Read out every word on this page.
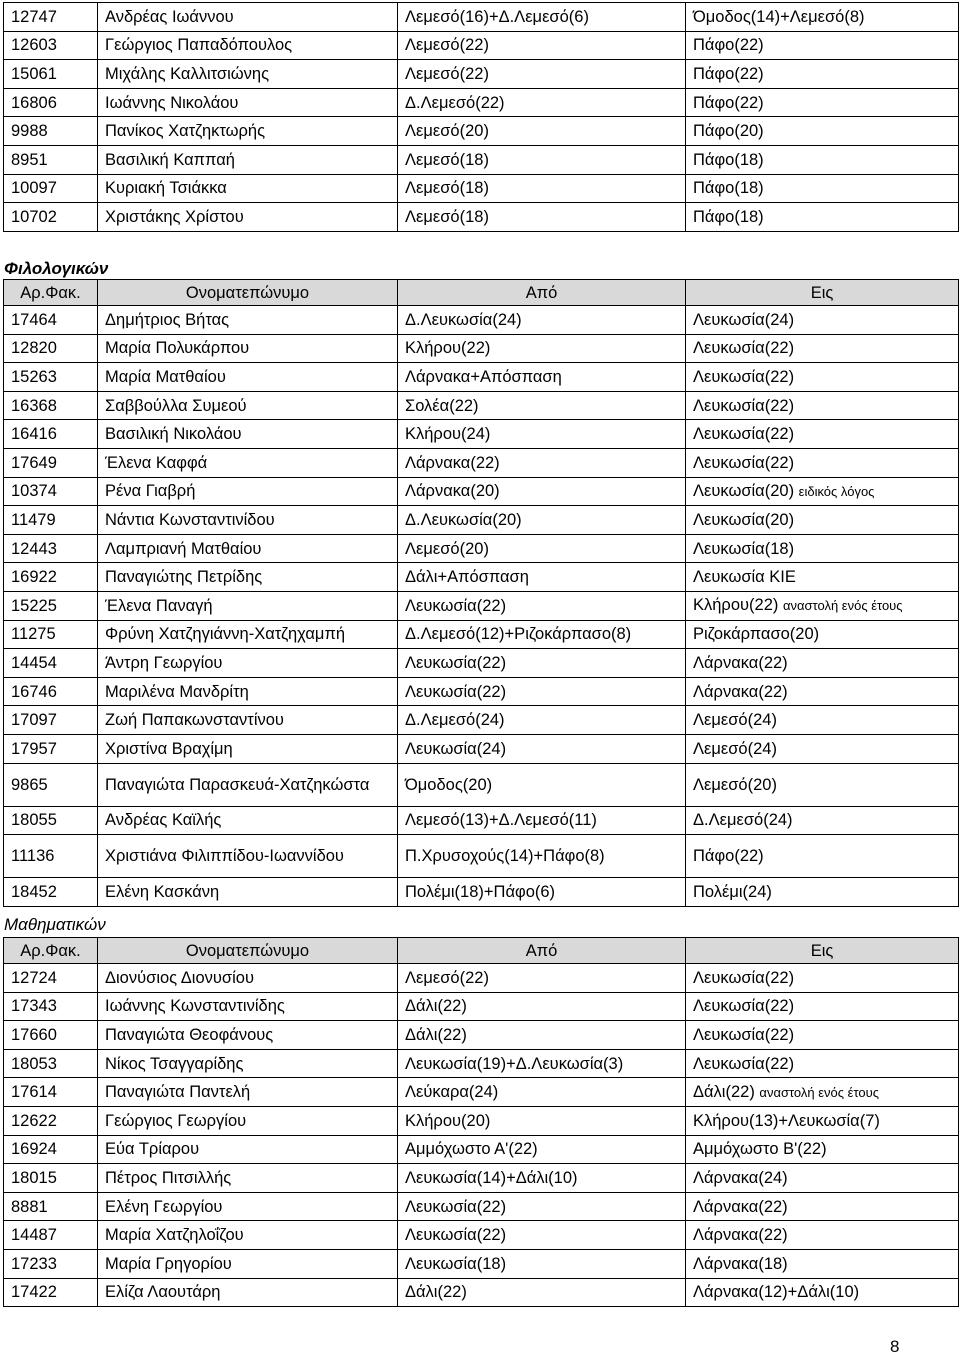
12747	Ανδρέας Ιωάννου	Λεμεσό(16)+Δ.Λεμεσό(6)	Όμοδος(14)+Λεμεσό(8)
12603	Γεώργιος Παπαδόπουλος	Λεμεσό(22)	Πάφο(22)
15061	Μιχάλης Καλλιτσιώνης	Λεμεσό(22)	Πάφο(22)
16806	Ιωάννης Νικολάου	Δ.Λεμεσό(22)	Πάφο(22)
9988	Πανίκος Χατζηκτωρής	Λεμεσό(20)	Πάφο(20)
8951	Βασιλική Καππαή	Λεμεσό(18)	Πάφο(18)
10097	Κυριακή Τσιάκκα	Λεμεσό(18)	Πάφο(18)
10702	Χριστάκης Χρίστου	Λεμεσό(18)	Πάφο(18)
Φιλολογικών
Αρ.Φακ.	Ονοματεπώνυμο	Από	Εις
17464	Δημήτριος Βήτας	Δ.Λευκωσία(24)	Λευκωσία(24)
12820	Μαρία Πολυκάρπου	Κλήρου(22)	Λευκωσία(22)
15263	Μαρία Ματθαίου	Λάρνακα+Απόσπαση	Λευκωσία(22)
16368	Σαββούλλα Συμεού	Σολέα(22)	Λευκωσία(22)
16416	Βασιλική Νικολάου	Κλήρου(24)	Λευκωσία(22)
17649	Έλενα Καφφά	Λάρνακα(22)	Λευκωσία(22)
10374	Ρένα Γιαβρή	Λάρνακα(20)	Λευκωσία(20) ειδικός λόγος
11479	Νάντια Κωνσταντινίδου	Δ.Λευκωσία(20)	Λευκωσία(20)
12443	Λαμπριανή Ματθαίου	Λεμεσό(20)	Λευκωσία(18)
16922	Παναγιώτης Πετρίδης	Δάλι+Απόσπαση	Λευκωσία ΚΙΕ
15225	Έλενα Παναγή	Λευκωσία(22)	Κλήρου(22) αναστολή ενός έτους
11275	Φρύνη Χατζηγιάννη-Χατζηχαμπή	Δ.Λεμεσό(12)+Ριζοκάρπασο(8)	Ριζοκάρπασο(20)
14454	Άντρη Γεωργίου	Λευκωσία(22)	Λάρνακα(22)
16746	Μαριλένα Μανδρίτη	Λευκωσία(22)	Λάρνακα(22)
17097	Ζωή Παπακωνσταντίνου	Δ.Λεμεσό(24)	Λεμεσό(24)
17957	Χριστίνα Βραχίμη	Λευκωσία(24)	Λεμεσό(24)
9865	Παναγιώτα Παρασκευά-Χατζηκώστα	Όμοδος(20)	Λεμεσό(20)
18055	Ανδρέας Καϊλής	Λεμεσό(13)+Δ.Λεμεσό(11)	Δ.Λεμεσό(24)
11136	Χριστιάνα Φιλιππίδου-Ιωαννίδου	Π.Χρυσοχούς(14)+Πάφο(8)	Πάφο(22)
18452	Ελένη Κασκάνη	Πολέμι(18)+Πάφο(6)	Πολέμι(24)
Μαθηματικών
Αρ.Φακ.	Ονοματεπώνυμο	Από	Εις
12724	Διονύσιος Διονυσίου	Λεμεσό(22)	Λευκωσία(22)
17343	Ιωάννης Κωνσταντινίδης	Δάλι(22)	Λευκωσία(22)
17660	Παναγιώτα Θεοφάνους	Δάλι(22)	Λευκωσία(22)
18053	Νίκος Τσαγγαρίδης	Λευκωσία(19)+Δ.Λευκωσία(3)	Λευκωσία(22)
17614	Παναγιώτα Παντελή	Λεύκαρα(24)	Δάλι(22) αναστολή ενός έτους
12622	Γεώργιος Γεωργίου	Κλήρου(20)	Κλήρου(13)+Λευκωσία(7)
16924	Εύα Τρίαρου	Αμμόχωστο Α'(22)	Αμμόχωστο Β'(22)
18015	Πέτρος Πιτσιλλής	Λευκωσία(14)+Δάλι(10)	Λάρνακα(24)
8881	Ελένη Γεωργίου	Λευκωσία(22)	Λάρνακα(22)
14487	Μαρία Χατζηλοΐζου	Λευκωσία(22)	Λάρνακα(22)
17233	Μαρία Γρηγορίου	Λευκωσία(18)	Λάρνακα(18)
17422	Ελίζα Λαουτάρη	Δάλι(22)	Λάρνακα(12)+Δάλι(10)
8
